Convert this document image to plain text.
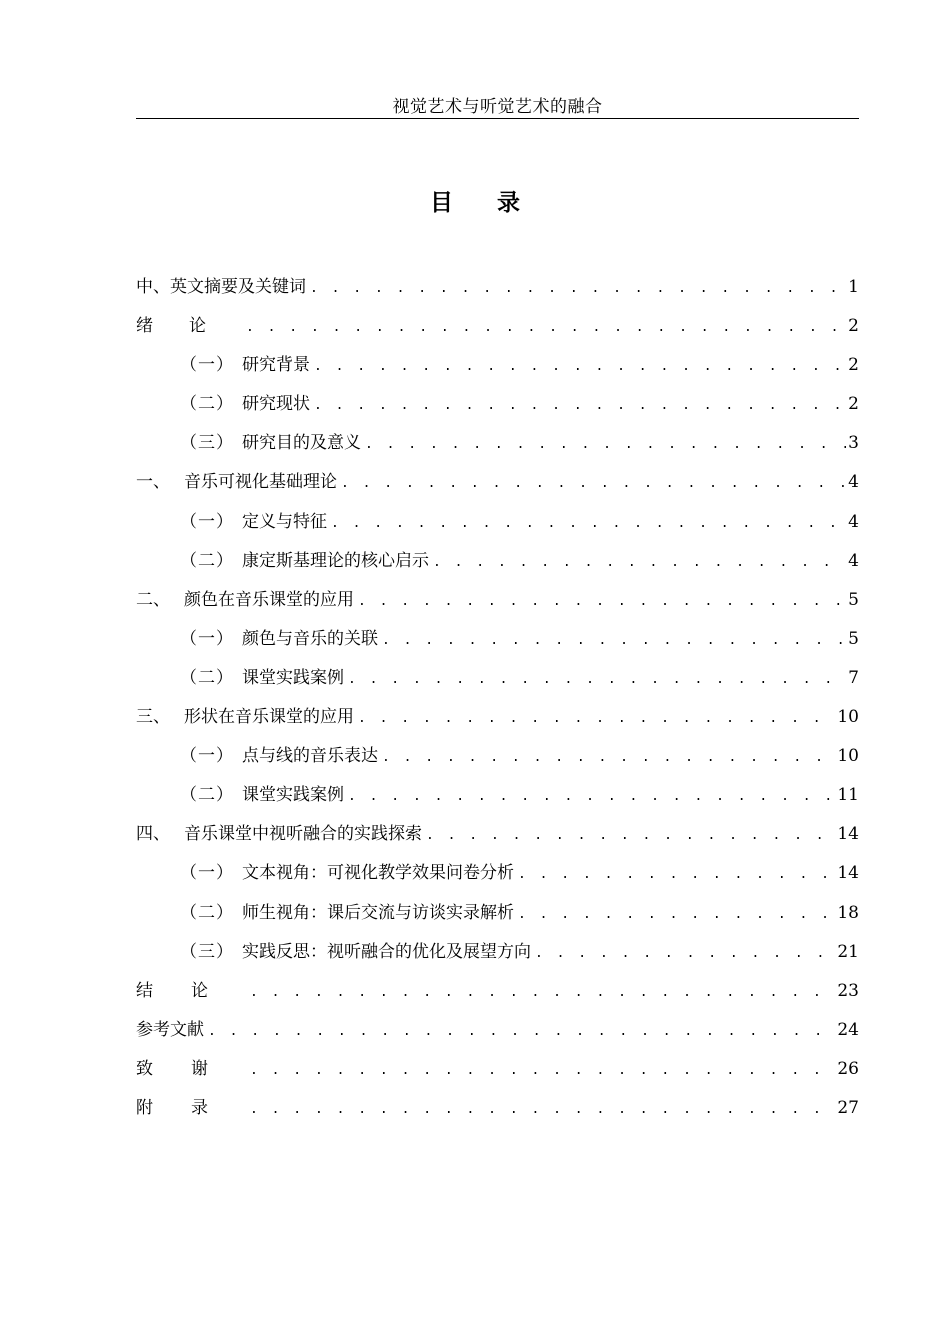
视觉艺术与听觉艺术的融合
目录
中、英文摘要及关键词 . . .	1
绪论 . . .	2
（一） 研究背景 . . .	2
（二） 研究现状 . . .	2
（三） 研究目的及意义 . . .	3
一、 音乐可视化基础理论 . . .	4
（一） 定义与特征 . . .	4
（二） 康定斯基理论的核心启示 . . .	4
二、 颜色在音乐课堂的应用 . . .	5
（一） 颜色与音乐的关联 . . .	5
（二） 课堂实践案例 . . .	7
三、 形状在音乐课堂的应用 . . .	10
（一） 点与线的音乐表达 . . .	10
（二） 课堂实践案例 . . .	11
四、 音乐课堂中视听融合的实践探索 . . .	14
（一） 文本视角：可视化教学效果问卷分析 . . .	14
（二） 师生视角：课后交流与访谈实录解析 . . .	18
（三） 实践反思：视听融合的优化及展望方向 . . .	21
结论 . . .	23
参考文献 . . .	24
致谢 . . .	26
附录 . . .	27
